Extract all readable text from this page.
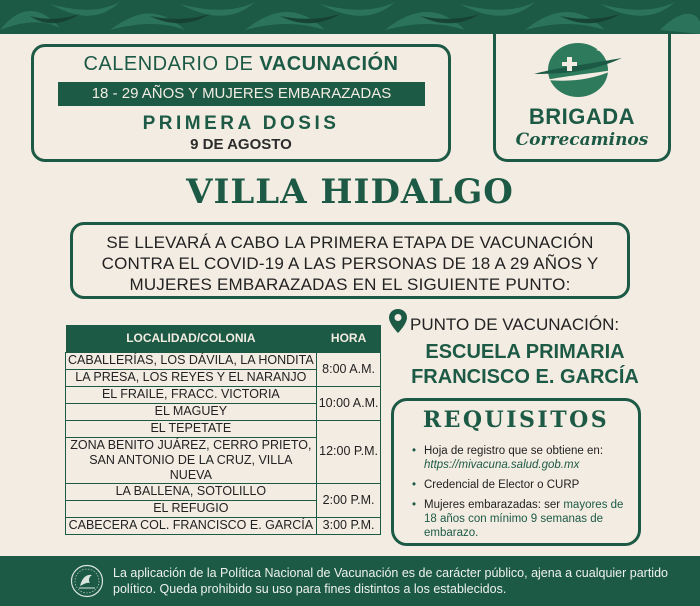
CALENDARIO DE VACUNACIÓN
18 - 29 AÑOS Y MUJERES EMBARAZADAS
PRIMERA DOSIS
9 DE AGOSTO
BRIGADA
Correcaminos
VILLA HIDALGO
SE LLEVARÁ A CABO LA PRIMERA ETAPA DE VACUNACIÓN
CONTRA EL COVID-19 A LAS PERSONAS DE 18 A 29 AÑOS Y
MUJERES EMBARAZADAS EN EL SIGUIENTE PUNTO:
LOCALIDAD/COLONIA	HORA
CABALLERÍAS, LOS DÁVILA, LA HONDITA	8:00 A.M.
LA PRESA, LOS REYES Y EL NARANJO	
EL FRAILE, FRACC. VICTORIA	10:00 A.M.
EL MAGUEY	
EL TEPETATE	12:00 P.M.
ZONA BENITO JUÁREZ, CERRO PRIETO, SAN ANTONIO DE LA CRUZ, VILLA NUEVA	
LA BALLENA, SOTOLILLO	2:00 P.M.
EL REFUGIO	
CABECERA COL. FRANCISCO E. GARCÍA	3:00 P.M.
PUNTO DE VACUNACIÓN:
ESCUELA PRIMARIA
FRANCISCO E. GARCÍA
REQUISITOS
• Hoja de registro que se obtiene en: https://mivacuna.salud.gob.mx
• Credencial de Elector o CURP
• Mujeres embarazadas: ser mayores de 18 años con mínimo 9 semanas de embarazo.
La aplicación de la Política Nacional de Vacunación es de carácter público, ajena a cualquier partido político. Queda prohibido su uso para fines distintos a los establecidos.
